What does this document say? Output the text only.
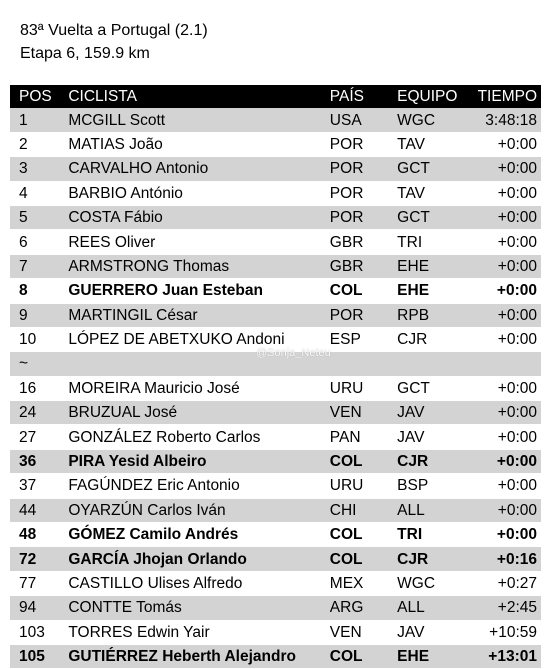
83ª Vuelta a Portugal (2.1)
Etapa 6, 159.9 km
POS	CICLISTA	PAÍS	EQUIPO	TIEMPO
1	MCGILL Scott	USA	WGC	3:48:18
2	MATIAS João	POR	TAV	+0:00
3	CARVALHO Antonio	POR	GCT	+0:00
4	BARBIO António	POR	TAV	+0:00
5	COSTA Fábio	POR	GCT	+0:00
6	REES Oliver	GBR	TRI	+0:00
7	ARMSTRONG Thomas	GBR	EHE	+0:00
8	GUERRERO Juan Esteban	COL	EHE	+0:00
9	MARTINGIL César	POR	RPB	+0:00
10	LÓPEZ DE ABETXUKO Andoni	ESP	CJR	+0:00
~				
16	MOREIRA Mauricio José	URU	GCT	+0:00
24	BRUZUAL José	VEN	JAV	+0:00
27	GONZÁLEZ Roberto Carlos	PAN	JAV	+0:00
36	PIRA Yesid Albeiro	COL	CJR	+0:00
37	FAGÚNDEZ Eric Antonio	URU	BSP	+0:00
44	OYARZÚN Carlos Iván	CHI	ALL	+0:00
48	GÓMEZ Camilo Andrés	COL	TRI	+0:00
72	GARCÍA Jhojan Orlando	COL	CJR	+0:16
77	CASTILLO Ulises Alfredo	MEX	WGC	+0:27
94	CONTTE Tomás	ARG	ALL	+2:45
103	TORRES Edwin Yair	VEN	JAV	+10:59
105	GUTIÉRREZ Heberth Alejandro	COL	EHE	+13:01
@Sonja_Neteu
